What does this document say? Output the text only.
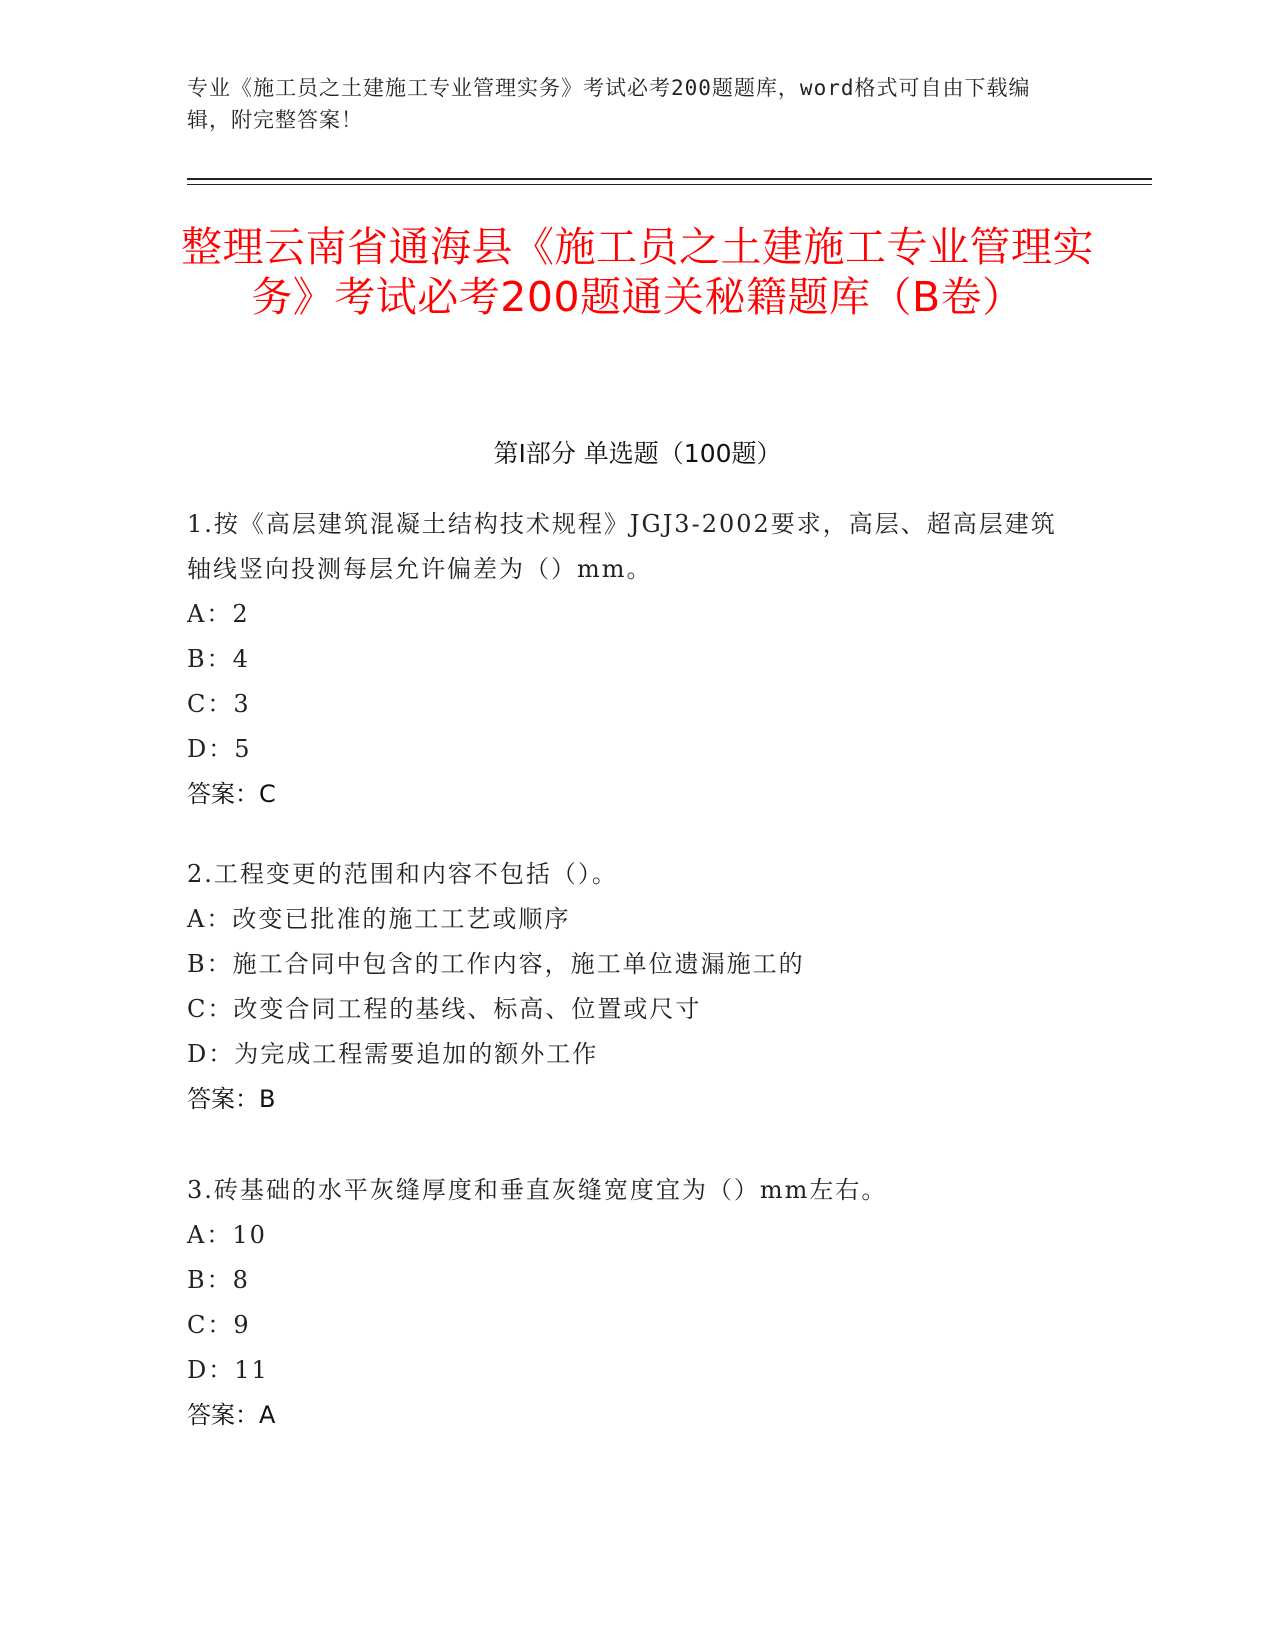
专业《施工员之土建施工专业管理实务》考试必考200题题库，word格式可自由下载编辑，附完整答案！
整理云南省通海县《施工员之土建施工专业管理实务》考试必考200题通关秘籍题库（B卷）
第I部分 单选题（100题）
1.按《高层建筑混凝土结构技术规程》JGJ3-2002要求，高层、超高层建筑轴线竖向投测每层允许偏差为（）mm。
A：2
B：4
C：3
D：5
答案：C
2.工程变更的范围和内容不包括（）。
A：改变已批准的施工工艺或顺序
B：施工合同中包含的工作内容，施工单位遗漏施工的
C：改变合同工程的基线、标高、位置或尺寸
D：为完成工程需要追加的额外工作
答案：B
3.砖基础的水平灰缝厚度和垂直灰缝宽度宜为（）mm左右。
A：10
B：8
C：9
D：11
答案：A
